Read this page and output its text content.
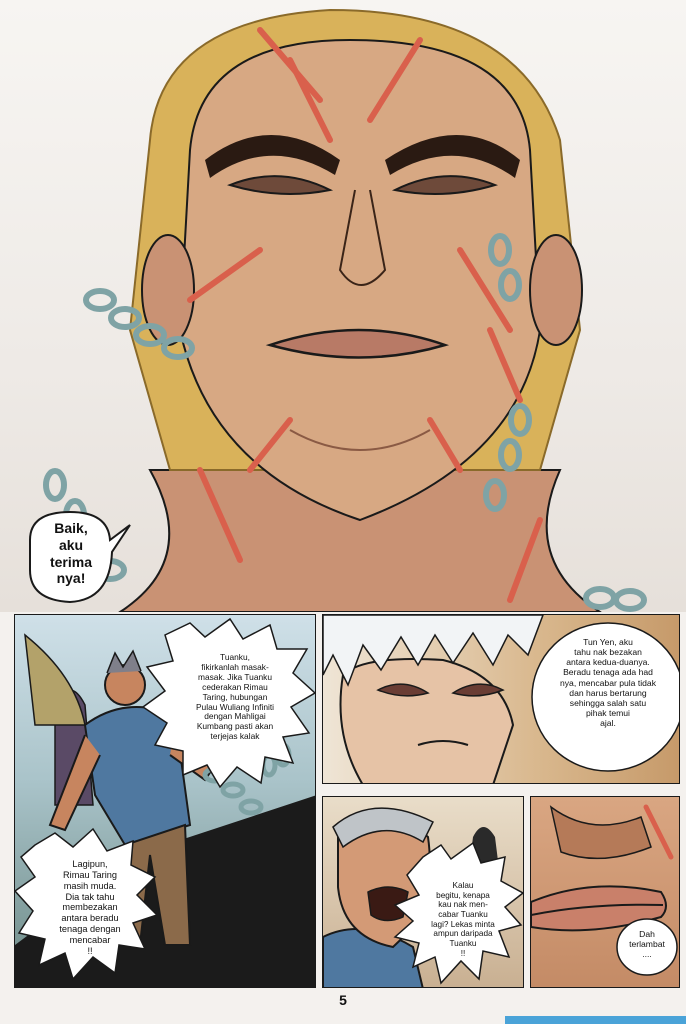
Baik,
aku
terima
nya!
Tuanku,
fikirkanlah masak-
masak. Jika Tuanku
cederakan Rimau
Taring, hubungan
Pulau Wuliang Infiniti
dengan Mahligai
Kumbang pasti akan
terjejas kalak
Lagipun,
Rimau Taring
masih muda.
Dia tak tahu
membezakan
antara beradu
tenaga dengan
mencabar
!!
Tun Yen, aku
tahu nak bezakan
antara kedua-duanya.
Beradu tenaga ada had
nya, mencabar pula tidak
dan harus bertarung
sehingga salah satu
pihak temui
ajal.
Kalau
begitu, kenapa
kau nak men-
cabar Tuanku
lagi? Lekas minta
ampun daripada
Tuanku
!!
Dah
terlambat
....
5
